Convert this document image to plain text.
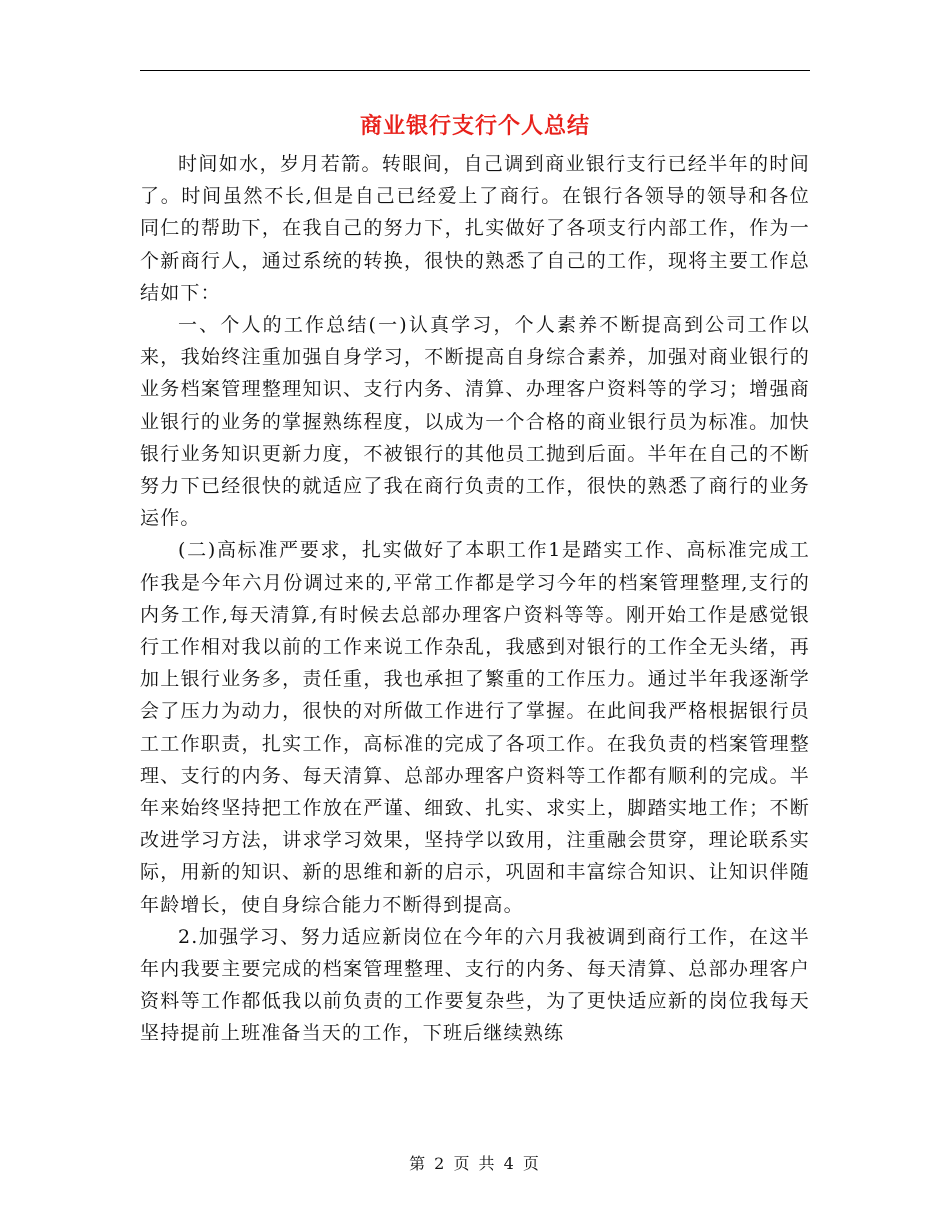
商业银行支行个人总结

时间如水，岁月若箭。转眼间，自己调到商业银行支行已经半年的时间了。时间虽然不长,但是自己已经爱上了商行。在银行各领导的领导和各位同仁的帮助下，在我自己的努力下，扎实做好了各项支行内部工作，作为一个新商行人，通过系统的转换，很快的熟悉了自己的工作，现将主要工作总结如下：

一、个人的工作总结(一)认真学习，个人素养不断提高到公司工作以来，我始终注重加强自身学习，不断提高自身综合素养，加强对商业银行的业务档案管理整理知识、支行内务、清算、办理客户资料等的学习；增强商业银行的业务的掌握熟练程度，以成为一个合格的商业银行员为标准。加快银行业务知识更新力度，不被银行的其他员工抛到后面。半年在自己的不断努力下已经很快的就适应了我在商行负责的工作，很快的熟悉了商行的业务运作。

(二)高标准严要求，扎实做好了本职工作1是踏实工作、高标准完成工作我是今年六月份调过来的,平常工作都是学习今年的档案管理整理,支行的内务工作,每天清算,有时候去总部办理客户资料等等。刚开始工作是感觉银行工作相对我以前的工作来说工作杂乱，我感到对银行的工作全无头绪，再加上银行业务多，责任重，我也承担了繁重的工作压力。通过半年我逐渐学会了压力为动力，很快的对所做工作进行了掌握。在此间我严格根据银行员工工作职责，扎实工作，高标准的完成了各项工作。在我负责的档案管理整理、支行的内务、每天清算、总部办理客户资料等工作都有顺利的完成。半年来始终坚持把工作放在严谨、细致、扎实、求实上，脚踏实地工作；不断改进学习方法，讲求学习效果，坚持学以致用，注重融会贯穿，理论联系实际，用新的知识、新的思维和新的启示，巩固和丰富综合知识、让知识伴随年龄增长，使自身综合能力不断得到提高。

2.加强学习、努力适应新岗位在今年的六月我被调到商行工作，在这半年内我要主要完成的档案管理整理、支行的内务、每天清算、总部办理客户资料等工作都低我以前负责的工作要复杂些，为了更快适应新的岗位我每天坚持提前上班准备当天的工作，下班后继续熟练

第 2 页 共 4 页
